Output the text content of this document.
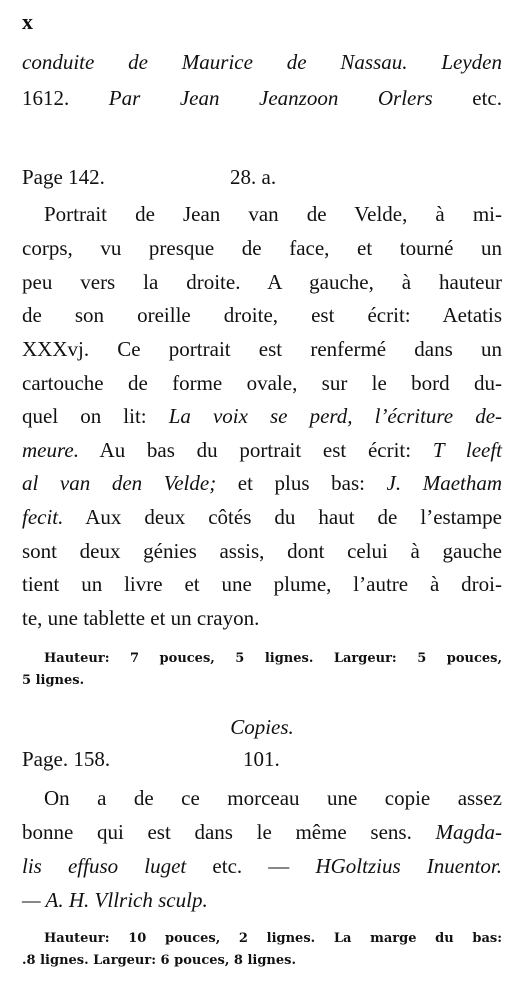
x
conduite de Maurice de Nassau. Leyden
1612. Par Jean Jeanzoon Orlers etc.
Page 142.	28. a.
Portrait de Jean van de Velde, à mi-
corps, vu presque de face, et tourné un
peu vers la droite. A gauche, à hauteur
de son oreille droite, est écrit: Aetatis
XXXvj. Ce portrait est renfermé dans un
cartouche de forme ovale, sur le bord du-
quel on lit: La voix se perd, l’écriture de-
meure. Au bas du portrait est écrit: T leeft
al van den Velde; et plus bas: J. Maetham
fecit. Aux deux côtés du haut de l’estampe
sont deux génies assis, dont celui à gauche
tient un livre et une plume, l’autre à droi-
te, une tablette et un crayon.
Hauteur: 7 pouces, 5 lignes. Largeur: 5 pouces,
5 lignes.
Copies.
Page. 158.	101.
On a de ce morceau une copie assez
bonne qui est dans le même sens. Magda-
lis effuso luget etc. — HGoltzius Inuentor.
— A. H. Vllrich sculp.
Hauteur: 10 pouces, 2 lignes. La marge du bas:
.8 lignes. Largeur: 6 pouces, 8 lignes.
